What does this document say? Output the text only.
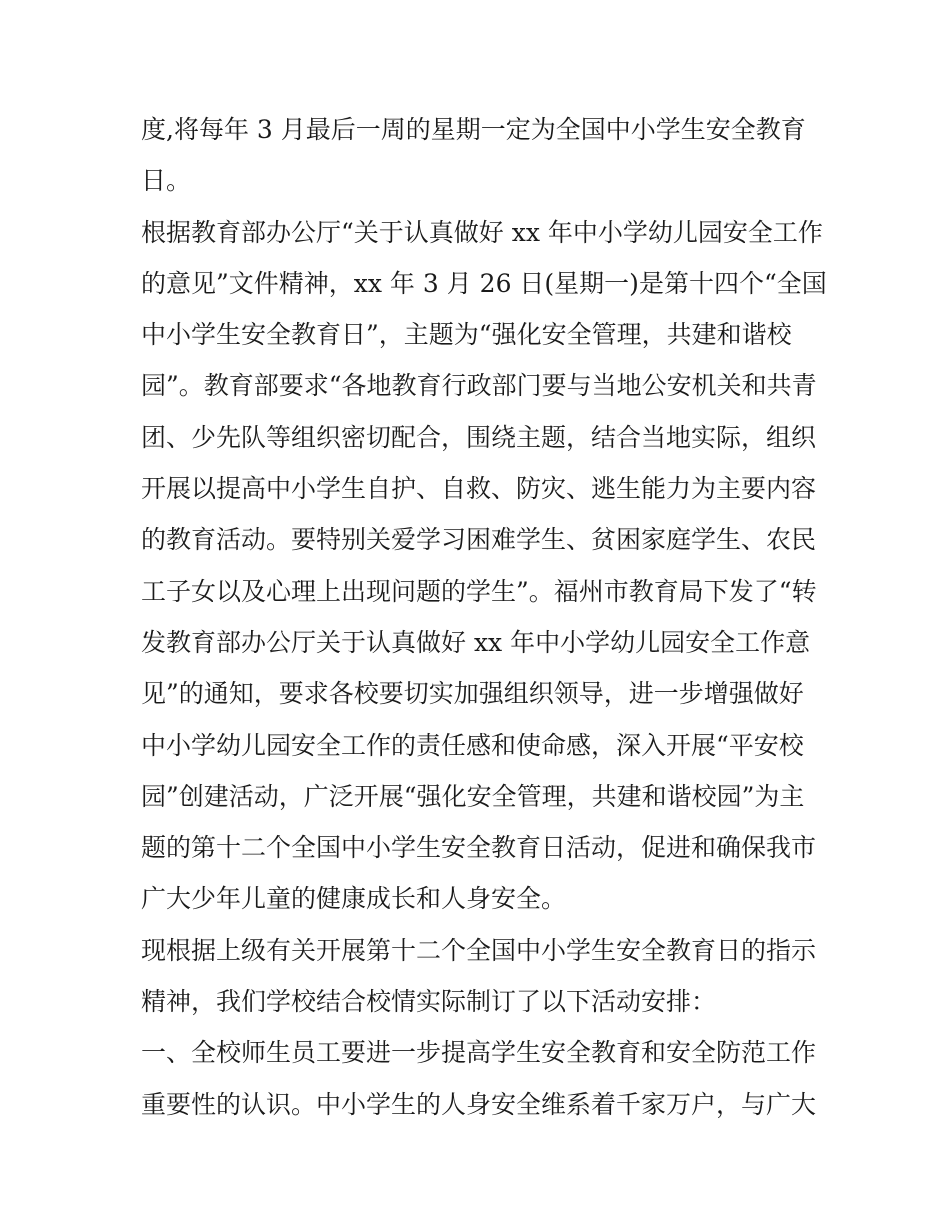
度,将每年 3 月最后一周的星期一定为全国中小学生安全教育
日。
根据教育部办公厅“关于认真做好 xx 年中小学幼儿园安全工作
的意见”文件精神，xx 年 3 月 26 日(星期一)是第十四个“全国
中小学生安全教育日”，主题为“强化安全管理，共建和谐校
园”。教育部要求“各地教育行政部门要与当地公安机关和共青
团、少先队等组织密切配合，围绕主题，结合当地实际，组织
开展以提高中小学生自护、自救、防灾、逃生能力为主要内容
的教育活动。要特别关爱学习困难学生、贫困家庭学生、农民
工子女以及心理上出现问题的学生”。福州市教育局下发了“转
发教育部办公厅关于认真做好 xx 年中小学幼儿园安全工作意
见”的通知，要求各校要切实加强组织领导，进一步增强做好
中小学幼儿园安全工作的责任感和使命感，深入开展“平安校
园”创建活动，广泛开展“强化安全管理，共建和谐校园”为主
题的第十二个全国中小学生安全教育日活动，促进和确保我市
广大少年儿童的健康成长和人身安全。
现根据上级有关开展第十二个全国中小学生安全教育日的指示
精神，我们学校结合校情实际制订了以下活动安排：
一、全校师生员工要进一步提高学生安全教育和安全防范工作
重要性的认识。中小学生的人身安全维系着千家万户，与广大
